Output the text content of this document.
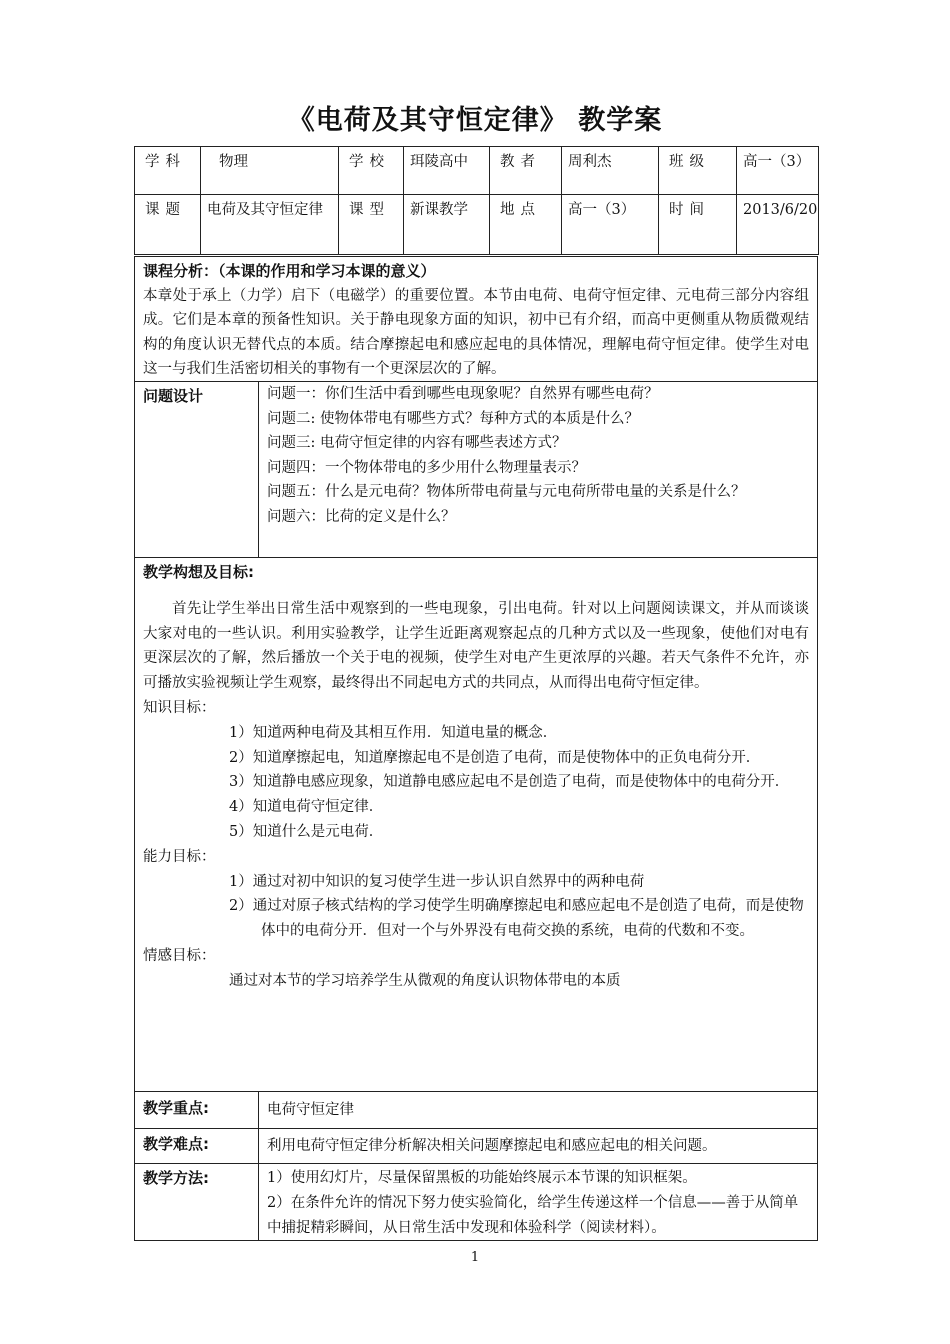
《电荷及其守恒定律》 教学案
学科	物理	学校	珥陵高中	教者	周利杰	班级	高一（3）
课题	电荷及其守恒定律	课型	新课教学	地点	高一（3）	时间	2013/6/20
课程分析：（本课的作用和学习本课的意义）
本章处于承上（力学）启下（电磁学）的重要位置。本节由电荷、电荷守恒定律、元电荷三部分内容组成。它们是本章的预备性知识。关于静电现象方面的知识，初中已有介绍，而高中更侧重从物质微观结构的角度认识无替代点的本质。结合摩擦起电和感应起电的具体情况，理解电荷守恒定律。使学生对电这一与我们生活密切相关的事物有一个更深层次的了解。
问题设计	问题一：你们生活中看到哪些电现象呢？自然界有哪些电荷？
问题二: 使物体带电有哪些方式？每种方式的本质是什么？
问题三: 电荷守恒定律的内容有哪些表述方式？
问题四：一个物体带电的多少用什么物理量表示？
问题五：什么是元电荷？物体所带电荷量与元电荷所带电量的关系是什么？
问题六：比荷的定义是什么？
教学构想及目标:
首先让学生举出日常生活中观察到的一些电现象，引出电荷。针对以上问题阅读课文，并从而谈谈大家对电的一些认识。利用实验教学，让学生近距离观察起点的几种方式以及一些现象，使他们对电有更深层次的了解，然后播放一个关于电的视频，使学生对电产生更浓厚的兴趣。若天气条件不允许，亦可播放实验视频让学生观察，最终得出不同起电方式的共同点，从而得出电荷守恒定律。
知识目标：
1）知道两种电荷及其相互作用．知道电量的概念．
2）知道摩擦起电，知道摩擦起电不是创造了电荷，而是使物体中的正负电荷分开．
3）知道静电感应现象，知道静电感应起电不是创造了电荷，而是使物体中的电荷分开．
4）知道电荷守恒定律．
5）知道什么是元电荷．
能力目标：
1）通过对初中知识的复习使学生进一步认识自然界中的两种电荷
2）通过对原子核式结构的学习使学生明确摩擦起电和感应起电不是创造了电荷，而是使物体中的电荷分开．但对一个与外界没有电荷交换的系统，电荷的代数和不变。
情感目标：
通过对本节的学习培养学生从微观的角度认识物体带电的本质
教学重点:	电荷守恒定律
教学难点:	利用电荷守恒定律分析解决相关问题摩擦起电和感应起电的相关问题。
教学方法:	1）使用幻灯片，尽量保留黑板的功能始终展示本节课的知识框架。
2）在条件允许的情况下努力使实验简化，给学生传递这样一个信息——善于从简单中捕捉精彩瞬间，从日常生活中发现和体验科学（阅读材料）。
1
